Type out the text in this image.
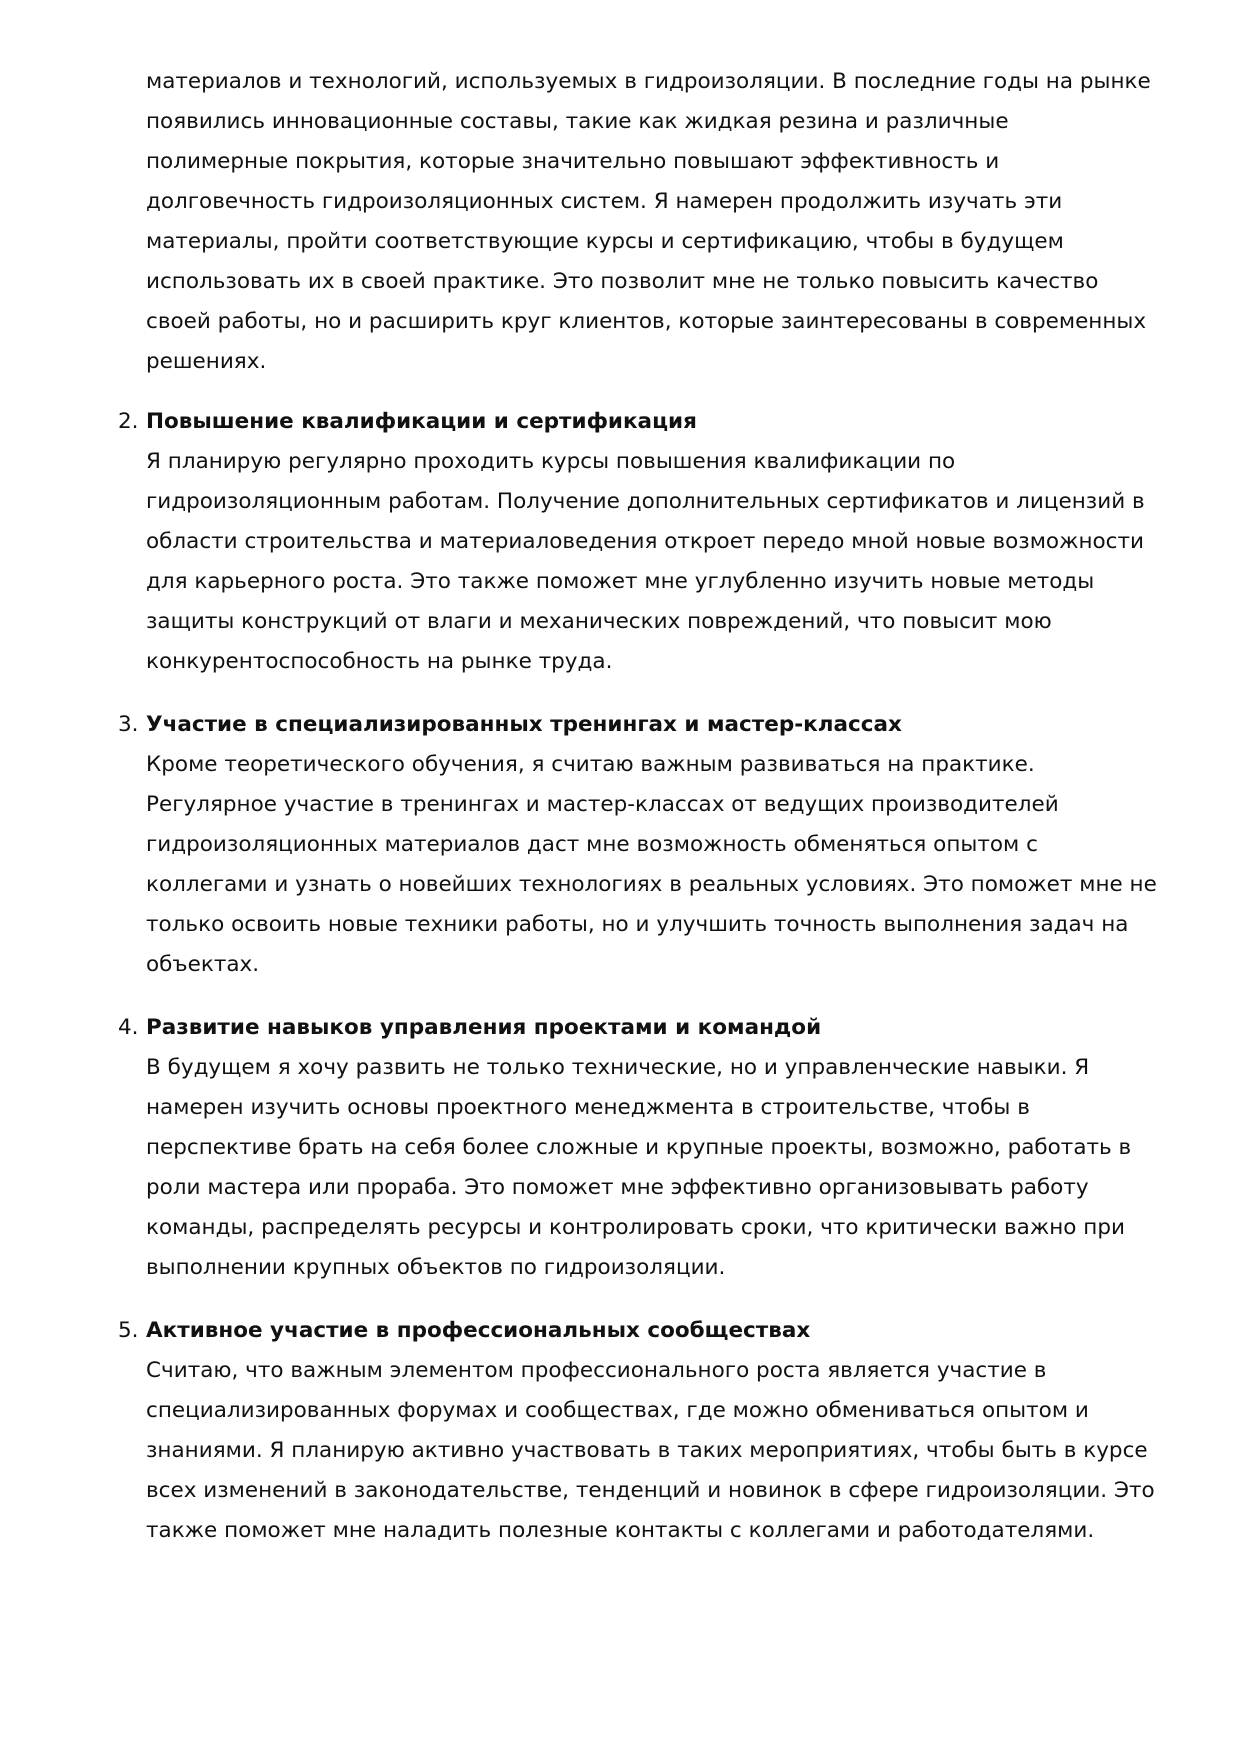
материалов и технологий, используемых в гидроизоляции. В последние годы на рынке
появились инновационные составы, такие как жидкая резина и различные
полимерные покрытия, которые значительно повышают эффективность и
долговечность гидроизоляционных систем. Я намерен продолжить изучать эти
материалы, пройти соответствующие курсы и сертификацию, чтобы в будущем
использовать их в своей практике. Это позволит мне не только повысить качество
своей работы, но и расширить круг клиентов, которые заинтересованы в современных
решениях.

2. Повышение квалификации и сертификация

Я планирую регулярно проходить курсы повышения квалификации по
гидроизоляционным работам. Получение дополнительных сертификатов и лицензий в
области строительства и материаловедения откроет передо мной новые возможности
для карьерного роста. Это также поможет мне углубленно изучить новые методы
защиты конструкций от влаги и механических повреждений, что повысит мою
конкурентоспособность на рынке труда.

3. Участие в специализированных тренингах и мастер-классах

Кроме теоретического обучения, я считаю важным развиваться на практике.
Регулярное участие в тренингах и мастер-классах от ведущих производителей
гидроизоляционных материалов даст мне возможность обменяться опытом с
коллегами и узнать о новейших технологиях в реальных условиях. Это поможет мне не
только освоить новые техники работы, но и улучшить точность выполнения задач на
объектах.

4. Развитие навыков управления проектами и командой

В будущем я хочу развить не только технические, но и управленческие навыки. Я
намерен изучить основы проектного менеджмента в строительстве, чтобы в
перспективе брать на себя более сложные и крупные проекты, возможно, работать в
роли мастера или прораба. Это поможет мне эффективно организовывать работу
команды, распределять ресурсы и контролировать сроки, что критически важно при
выполнении крупных объектов по гидроизоляции.

5. Активное участие в профессиональных сообществах

Считаю, что важным элементом профессионального роста является участие в
специализированных форумах и сообществах, где можно обмениваться опытом и
знаниями. Я планирую активно участвовать в таких мероприятиях, чтобы быть в курсе
всех изменений в законодательстве, тенденций и новинок в сфере гидроизоляции. Это
также поможет мне наладить полезные контакты с коллегами и работодателями.
